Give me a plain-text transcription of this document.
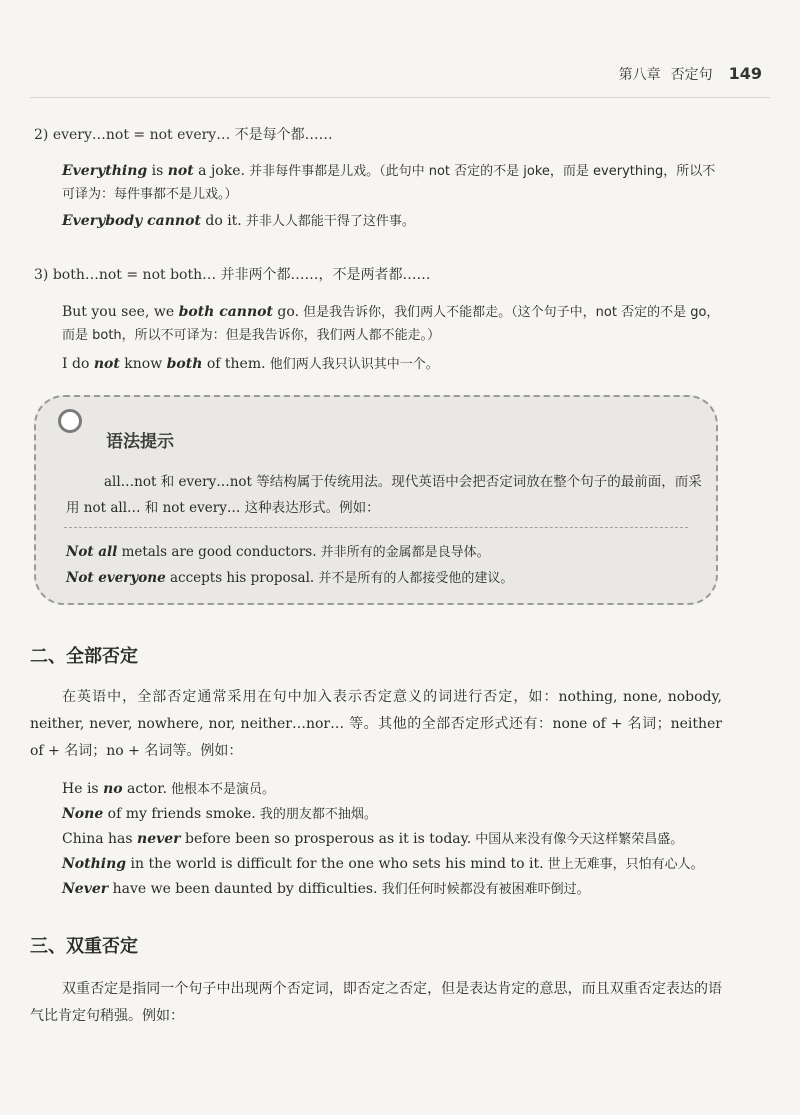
第八章 否定句 149
2) every…not = not every… 不是每个都……
Everything is not a joke. 并非每件事都是儿戏。（此句中 not 否定的不是 joke，而是 everything，所以不可译为：每件事都不是儿戏。）
Everybody cannot do it. 并非人人都能干得了这件事。
3) both…not = not both… 并非两个都……，不是两者都……
But you see, we both cannot go. 但是我告诉你，我们两人不能都走。（这个句子中，not 否定的不是 go，而是 both，所以不可译为：但是我告诉你，我们两人都不能走。）
I do not know both of them. 他们两人我只认识其中一个。
语法提示
all…not 和 every…not 等结构属于传统用法。现代英语中会把否定词放在整个句子的最前面，而采用 not all… 和 not every… 这种表达形式。例如：
Not all metals are good conductors. 并非所有的金属都是良导体。
Not everyone accepts his proposal. 并不是所有的人都接受他的建议。
二、全部否定
在英语中，全部否定通常采用在句中加入表示否定意义的词进行否定，如：nothing, none, nobody, neither, never, nowhere, nor, neither…nor… 等。其他的全部否定形式还有：none of + 名词；neither of + 名词；no + 名词等。例如：
He is no actor. 他根本不是演员。
None of my friends smoke. 我的朋友都不抽烟。
China has never before been so prosperous as it is today. 中国从来没有像今天这样繁荣昌盛。
Nothing in the world is difficult for the one who sets his mind to it. 世上无难事，只怕有心人。
Never have we been daunted by difficulties. 我们任何时候都没有被困难吓倒过。
三、双重否定
双重否定是指同一个句子中出现两个否定词，即否定之否定，但是表达肯定的意思，而且双重否定表达的语气比肯定句稍强。例如：
